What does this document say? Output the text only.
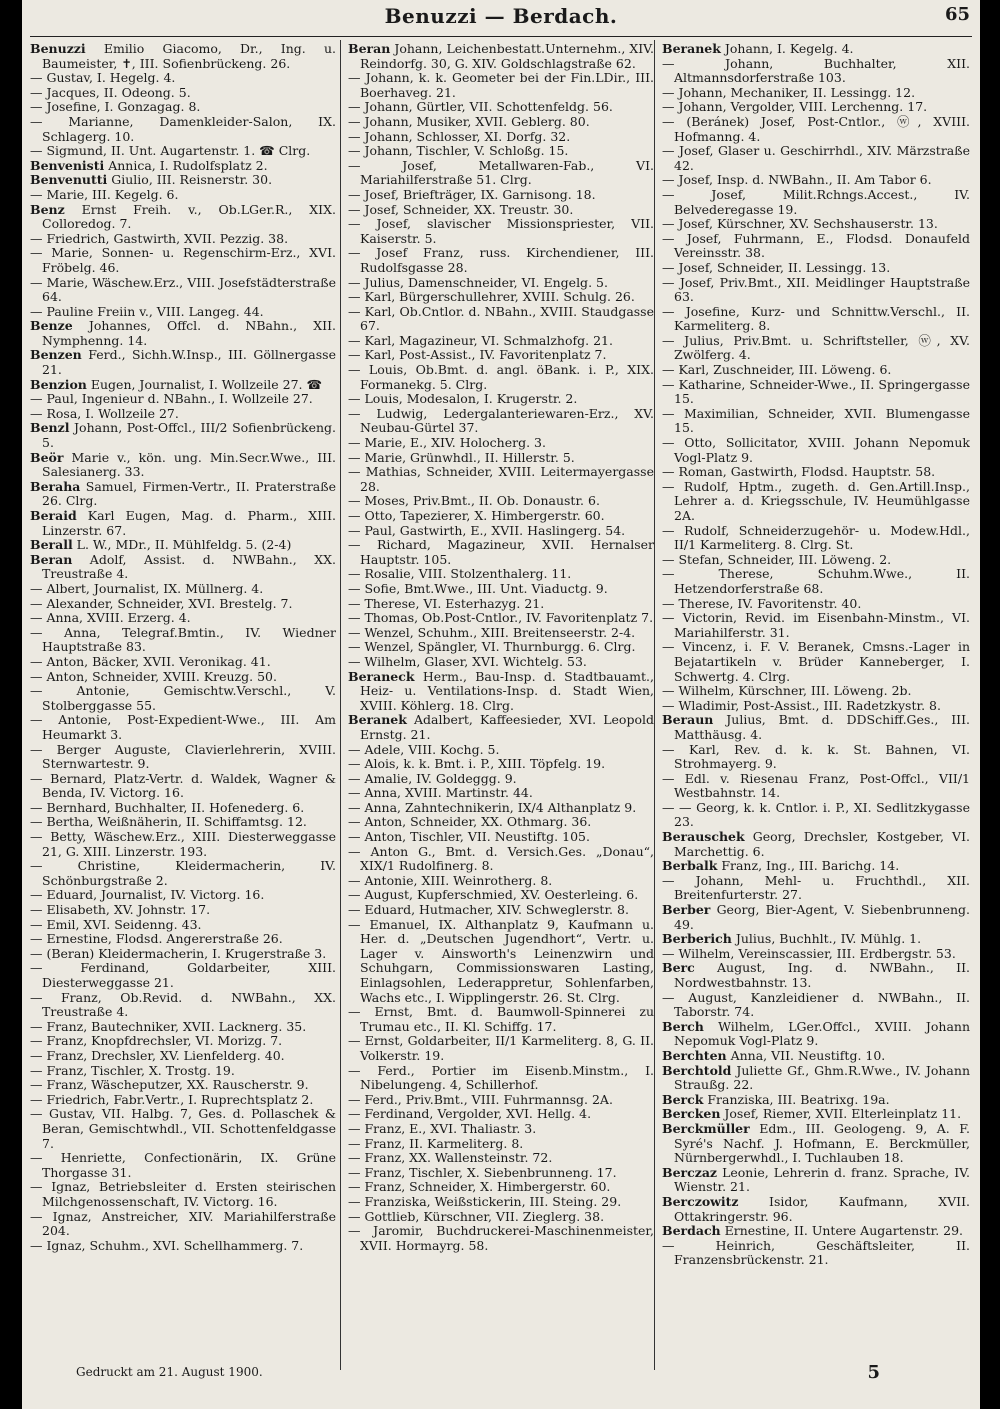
Benuzzi — Berdach.	65

Benuzzi Emilio Giacomo, Dr., Ing. u. Baumeister, ✝, III. Sofienbrückeng. 26.

— Gustav, I. Hegelg. 4.

— Jacques, II. Odeong. 5.

— Josefine, I. Gonzagag. 8.

— Marianne, Damenkleider-Salon, IX. Schlagerg. 10.

— Sigmund, II. Unt. Augartenstr. 1. ☎ Clrg.

Benvenisti Annica, I. Rudolfsplatz 2.

Benvenutti Giulio, III. Reisnerstr. 30.

— Marie, III. Kegelg. 6.

Benz Ernst Freih. v., Ob.LGer.R., XIX. Colloredog. 7.

— Friedrich, Gastwirth, XVII. Pezzig. 38.

— Marie, Sonnen- u. Regenschirm-Erz., XVI. Fröbelg. 46.

— Marie, Wäschew.Erz., VIII. Josefstädterstraße 64.

— Pauline Freiin v., VIII. Langeg. 44.

Benze Johannes, Offcl. d. NBahn., XII. Nymphenng. 14.

Benzen Ferd., Sichh.W.Insp., III. Göllnergasse 21.

Benzion Eugen, Journalist, I. Wollzeile 27. ☎

— Paul, Ingenieur d. NBahn., I. Wollzeile 27.

— Rosa, I. Wollzeile 27.

Benzl Johann, Post-Offcl., III/2 Sofienbrückeng. 5.

Beör Marie v., kön. ung. Min.Secr.Wwe., III. Salesianerg. 33.

Beraha Samuel, Firmen-Vertr., II. Praterstraße 26. Clrg.

Beraid Karl Eugen, Mag. d. Pharm., XIII. Linzerstr. 67.

Berall L. W., MDr., II. Mühlfeldg. 5. (2-4)

Beran Adolf, Assist. d. NWBahn., XX. Treustraße 4.

— Albert, Journalist, IX. Müllnerg. 4.

— Alexander, Schneider, XVI. Brestelg. 7.

— Anna, XVIII. Erzerg. 4.

— Anna, Telegraf.Bmtin., IV. Wiedner Hauptstraße 83.

— Anton, Bäcker, XVII. Veronikag. 41.

— Anton, Schneider, XVIII. Kreuzg. 50.

— Antonie, Gemischtw.Verschl., V. Stolberggasse 55.

— Antonie, Post-Expedient-Wwe., III. Am Heumarkt 3.

— Berger Auguste, Clavierlehrerin, XVIII. Sternwartestr. 9.

— Bernard, Platz-Vertr. d. Waldek, Wagner & Benda, IV. Victorg. 16.

— Bernhard, Buchhalter, II. Hofenederg. 6.

— Bertha, Weißnäherin, II. Schiffamtsg. 12.

— Betty, Wäschew.Erz., XIII. Diesterweggasse 21, G. XIII. Linzerstr. 193.

— Christine, Kleidermacherin, IV. Schönburgstraße 2.

— Eduard, Journalist, IV. Victorg. 16.

— Elisabeth, XV. Johnstr. 17.

— Emil, XVI. Seidenng. 43.

— Ernestine, Flodsd. Angererstraße 26.

— (Beran) Kleidermacherin, I. Krugerstraße 3.

— Ferdinand, Goldarbeiter, XIII. Diesterweggasse 21.

— Franz, Ob.Revid. d. NWBahn., XX. Treustraße 4.

— Franz, Bautechniker, XVII. Lacknerg. 35.

— Franz, Knopfdrechsler, VI. Morizg. 7.

— Franz, Drechsler, XV. Lienfelderg. 40.

— Franz, Tischler, X. Trostg. 19.

— Franz, Wäscheputzer, XX. Rauscherstr. 9.

— Friedrich, Fabr.Vertr., I. Ruprechtsplatz 2.

— Gustav, VII. Halbg. 7, Ges. d. Pollaschek & Beran, Gemischtwhdl., VII. Schottenfeldgasse 7.

— Henriette, Confectionärin, IX. Grüne Thorgasse 31.

— Ignaz, Betriebsleiter d. Ersten steirischen Milchgenossenschaft, IV. Victorg. 16.

— Ignaz, Anstreicher, XIV. Mariahilferstraße 204.

— Ignaz, Schuhm., XVI. Schellhammerg. 7.

Beran Johann, Leichenbestatt.Unternehm., XIV. Reindorfg. 30, G. XIV. Goldschlagstraße 62.

— Johann, k. k. Geometer bei der Fin.LDir., III. Boerhaveg. 21.

— Johann, Gürtler, VII. Schottenfeldg. 56.

— Johann, Musiker, XVII. Geblerg. 80.

— Johann, Schlosser, XI. Dorfg. 32.

— Johann, Tischler, V. Schloßg. 15.

— Josef, Metallwaren-Fab., VI. Mariahilferstraße 51. Clrg.

— Josef, Briefträger, IX. Garnisong. 18.

— Josef, Schneider, XX. Treustr. 30.

— Josef, slavischer Missionspriester, VII. Kaiserstr. 5.

— Josef Franz, russ. Kirchendiener, III. Rudolfsgasse 28.

— Julius, Damenschneider, VI. Engelg. 5.

— Karl, Bürgerschullehrer, XVIII. Schulg. 26.

— Karl, Ob.Cntlor. d. NBahn., XVIII. Staudgasse 67.

— Karl, Magazineur, VI. Schmalzhofg. 21.

— Karl, Post-Assist., IV. Favoritenplatz 7.

— Louis, Ob.Bmt. d. angl. öBank. i. P., XIX. Formanekg. 5. Clrg.

— Louis, Modesalon, I. Krugerstr. 2.

— Ludwig, Ledergalanteriewaren-Erz., XV. Neubau-Gürtel 37.

— Marie, E., XIV. Holocherg. 3.

— Marie, Grünwhdl., II. Hillerstr. 5.

— Mathias, Schneider, XVIII. Leitermayergasse 28.

— Moses, Priv.Bmt., II. Ob. Donaustr. 6.

— Otto, Tapezierer, X. Himbergerstr. 60.

— Paul, Gastwirth, E., XVII. Haslingerg. 54.

— Richard, Magazineur, XVII. Hernalser Hauptstr. 105.

— Rosalie, VIII. Stolzenthalerg. 11.

— Sofie, Bmt.Wwe., III. Unt. Viaductg. 9.

— Therese, VI. Esterhazyg. 21.

— Thomas, Ob.Post-Cntlor., IV. Favoritenplatz 7.

— Wenzel, Schuhm., XIII. Breitenseerstr. 2-4.

— Wenzel, Spängler, VI. Thurnburgg. 6. Clrg.

— Wilhelm, Glaser, XVI. Wichtelg. 53.

Beraneck Herm., Bau-Insp. d. Stadtbauamt., Heiz- u. Ventilations-Insp. d. Stadt Wien, XVIII. Köhlerg. 18. Clrg.

Beranek Adalbert, Kaffeesieder, XVI. Leopold Ernstg. 21.

— Adele, VIII. Kochg. 5.

— Alois, k. k. Bmt. i. P., XIII. Töpfelg. 19.

— Amalie, IV. Goldeggg. 9.

— Anna, XVIII. Martinstr. 44.

— Anna, Zahntechnikerin, IX/4 Althanplatz 9.

— Anton, Schneider, XX. Othmarg. 36.

— Anton, Tischler, VII. Neustiftg. 105.

— Anton G., Bmt. d. Versich.Ges. „Donau“, XIX/1 Rudolfinerg. 8.

— Antonie, XIII. Weinrotherg. 8.

— August, Kupferschmied, XV. Oesterleing. 6.

— Eduard, Hutmacher, XIV. Schweglerstr. 8.

— Emanuel, IX. Althanplatz 9, Kaufmann u. Her. d. „Deutschen Jugendhort“, Vertr. u. Lager v. Ainsworth's Leinenzwirn und Schuhgarn, Commissionswaren Lasting, Einlagsohlen, Lederappretur, Sohlenfarben, Wachs etc., I. Wipplingerstr. 26. St. Clrg.

— Ernst, Bmt. d. Baumwoll-Spinnerei zu Trumau etc., II. Kl. Schiffg. 17.

— Ernst, Goldarbeiter, II/1 Karmeliterg. 8, G. II. Volkerstr. 19.

— Ferd., Portier im Eisenb.Minstm., I. Nibelungeng. 4, Schillerhof.

— Ferd., Priv.Bmt., VIII. Fuhrmannsg. 2A.

— Ferdinand, Vergolder, XVI. Hellg. 4.

— Franz, E., XVI. Thaliastr. 3.

— Franz, II. Karmeliterg. 8.

— Franz, XX. Wallensteinstr. 72.

— Franz, Tischler, X. Siebenbrunneng. 17.

— Franz, Schneider, X. Himbergerstr. 60.

— Franziska, Weißstickerin, III. Steing. 29.

— Gottlieb, Kürschner, VII. Zieglerg. 38.

— Jaromir, Buchdruckerei-Maschinenmeister, XVII. Hormayrg. 58.

Beranek Johann, I. Kegelg. 4.

— Johann, Buchhalter, XII. Altmannsdorferstraße 103.

— Johann, Mechaniker, II. Lessingg. 12.

— Johann, Vergolder, VIII. Lerchenng. 17.

— (Beránek) Josef, Post-Cntlor., ⓦ, XVIII. Hofmanng. 4.

— Josef, Glaser u. Geschirrhdl., XIV. Märzstraße 42.

— Josef, Insp. d. NWBahn., II. Am Tabor 6.

— Josef, Milit.Rchngs.Accest., IV. Belvederegasse 19.

— Josef, Kürschner, XV. Sechshauserstr. 13.

— Josef, Fuhrmann, E., Flodsd. Donaufeld Vereinsstr. 38.

— Josef, Schneider, II. Lessingg. 13.

— Josef, Priv.Bmt., XII. Meidlinger Hauptstraße 63.

— Josefine, Kurz- und Schnittw.Verschl., II. Karmeliterg. 8.

— Julius, Priv.Bmt. u. Schriftsteller, ⓦ, XV. Zwölferg. 4.

— Karl, Zuschneider, III. Löweng. 6.

— Katharine, Schneider-Wwe., II. Springergasse 15.

— Maximilian, Schneider, XVII. Blumengasse 15.

— Otto, Sollicitator, XVIII. Johann Nepomuk Vogl-Platz 9.

— Roman, Gastwirth, Flodsd. Hauptstr. 58.

— Rudolf, Hptm., zugeth. d. Gen.Artill.Insp., Lehrer a. d. Kriegsschule, IV. Heumühlgasse 2A.

— Rudolf, Schneiderzugehör- u. Modew.Hdl., II/1 Karmeliterg. 8. Clrg. St.

— Stefan, Schneider, III. Löweng. 2.

— Therese, Schuhm.Wwe., II. Hetzendorferstraße 68.

— Therese, IV. Favoritenstr. 40.

— Victorin, Revid. im Eisenbahn-Minstm., VI. Mariahilferstr. 31.

— Vincenz, i. F. V. Beranek, Cmsns.-Lager in Bejatartikeln v. Brüder Kanneberger, I. Schwertg. 4. Clrg.

— Wilhelm, Kürschner, III. Löweng. 2b.

— Wladimir, Post-Assist., III. Radetzkystr. 8.

Beraun Julius, Bmt. d. DDSchiff.Ges., III. Matthäusg. 4.

— Karl, Rev. d. k. k. St. Bahnen, VI. Strohmayerg. 9.

— Edl. v. Riesenau Franz, Post-Offcl., VII/1 Westbahnstr. 14.

— — Georg, k. k. Cntlor. i. P., XI. Sedlitzkygasse 23.

Berauschek Georg, Drechsler, Kostgeber, VI. Marchettig. 6.

Berbalk Franz, Ing., III. Barichg. 14.

— Johann, Mehl- u. Fruchthdl., XII. Breitenfurterstr. 27.

Berber Georg, Bier-Agent, V. Siebenbrunneng. 49.

Berberich Julius, Buchhlt., IV. Mühlg. 1.

— Wilhelm, Vereinscassier, III. Erdbergstr. 53.

Berc August, Ing. d. NWBahn., II. Nordwestbahnstr. 13.

— August, Kanzleidiener d. NWBahn., II. Taborstr. 74.

Berch Wilhelm, LGer.Offcl., XVIII. Johann Nepomuk Vogl-Platz 9.

Berchten Anna, VII. Neustiftg. 10.

Berchtold Juliette Gf., Ghm.R.Wwe., IV. Johann Straußg. 22.

Berck Franziska, III. Beatrixg. 19a.

Bercken Josef, Riemer, XVII. Elterleinplatz 11.

Berckmüller Edm., III. Geologeng. 9, A. F. Syré's Nachf. J. Hofmann, E. Berckmüller, Nürnbergerwhdl., I. Tuchlauben 18.

Berczaz Leonie, Lehrerin d. franz. Sprache, IV. Wienstr. 21.

Berczowitz Isidor, Kaufmann, XVII. Ottakringerstr. 96.

Berdach Ernestine, II. Untere Augartenstr. 29.

— Heinrich, Geschäftsleiter, II. Franzensbrückenstr. 21.

Gedruckt am 21. August 1900.	5
